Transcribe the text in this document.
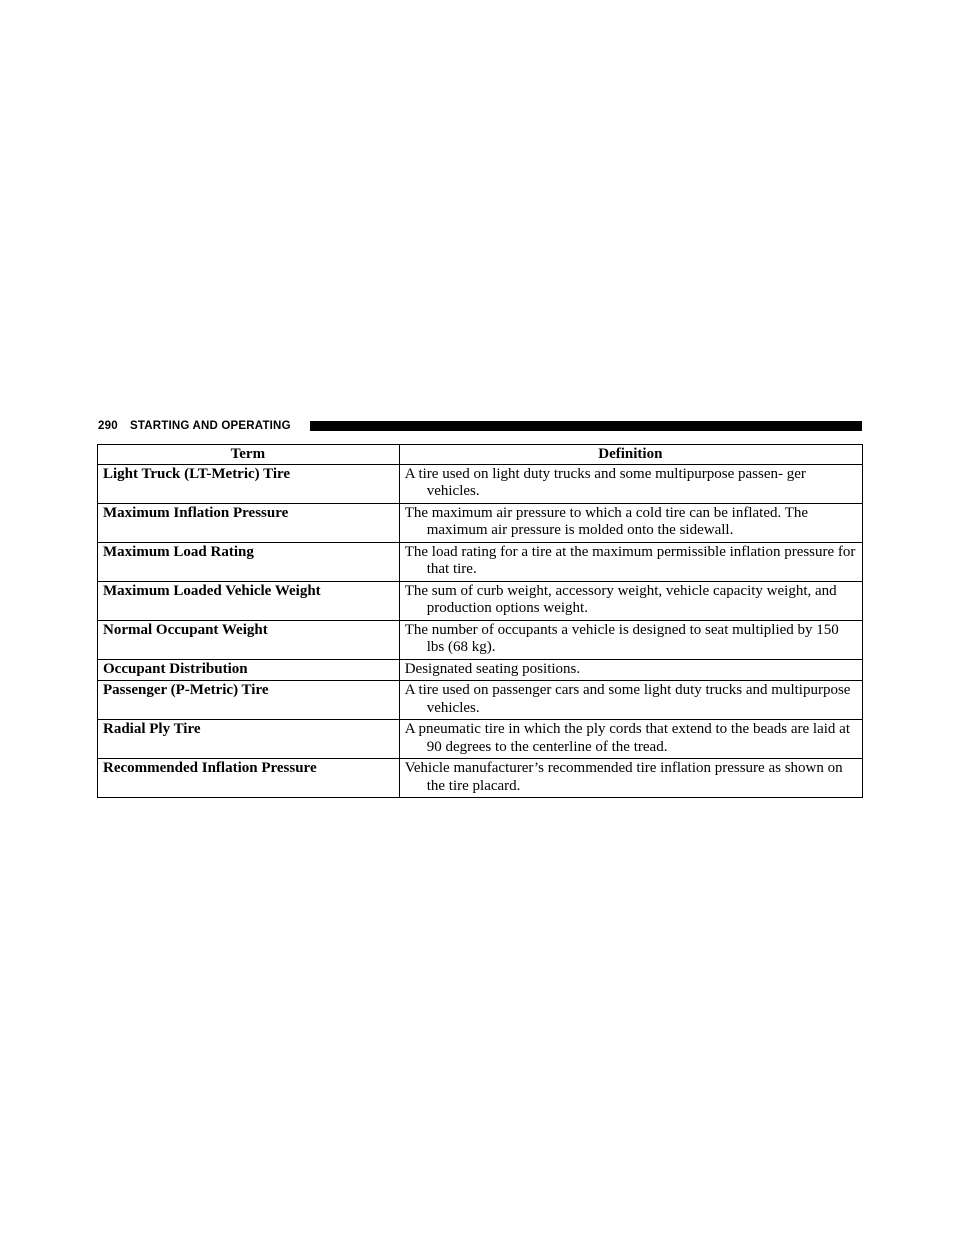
290 STARTING AND OPERATING
Term	Definition
Light Truck (LT-Metric) Tire	A tire used on light duty trucks and some multipurpose passen- ger vehicles.

Maximum Inflation Pressure	The maximum air pressure to which a cold tire can be inflated. The maximum air pressure is molded onto the sidewall.

Maximum Load Rating	The load rating for a tire at the maximum permissible inflation pressure for that tire.

Maximum Loaded Vehicle Weight	The sum of curb weight, accessory weight, vehicle capacity weight, and production options weight.

Normal Occupant Weight	The number of occupants a vehicle is designed to seat multiplied by 150 lbs (68 kg).

Occupant Distribution	Designated seating positions.

Passenger (P-Metric) Tire	A tire used on passenger cars and some light duty trucks and multipurpose vehicles.

Radial Ply Tire	A pneumatic tire in which the ply cords that extend to the beads are laid at 90 degrees to the centerline of the tread.

Recommended Inflation Pressure	Vehicle manufacturer’s recommended tire inflation pressure as shown on the tire placard.
